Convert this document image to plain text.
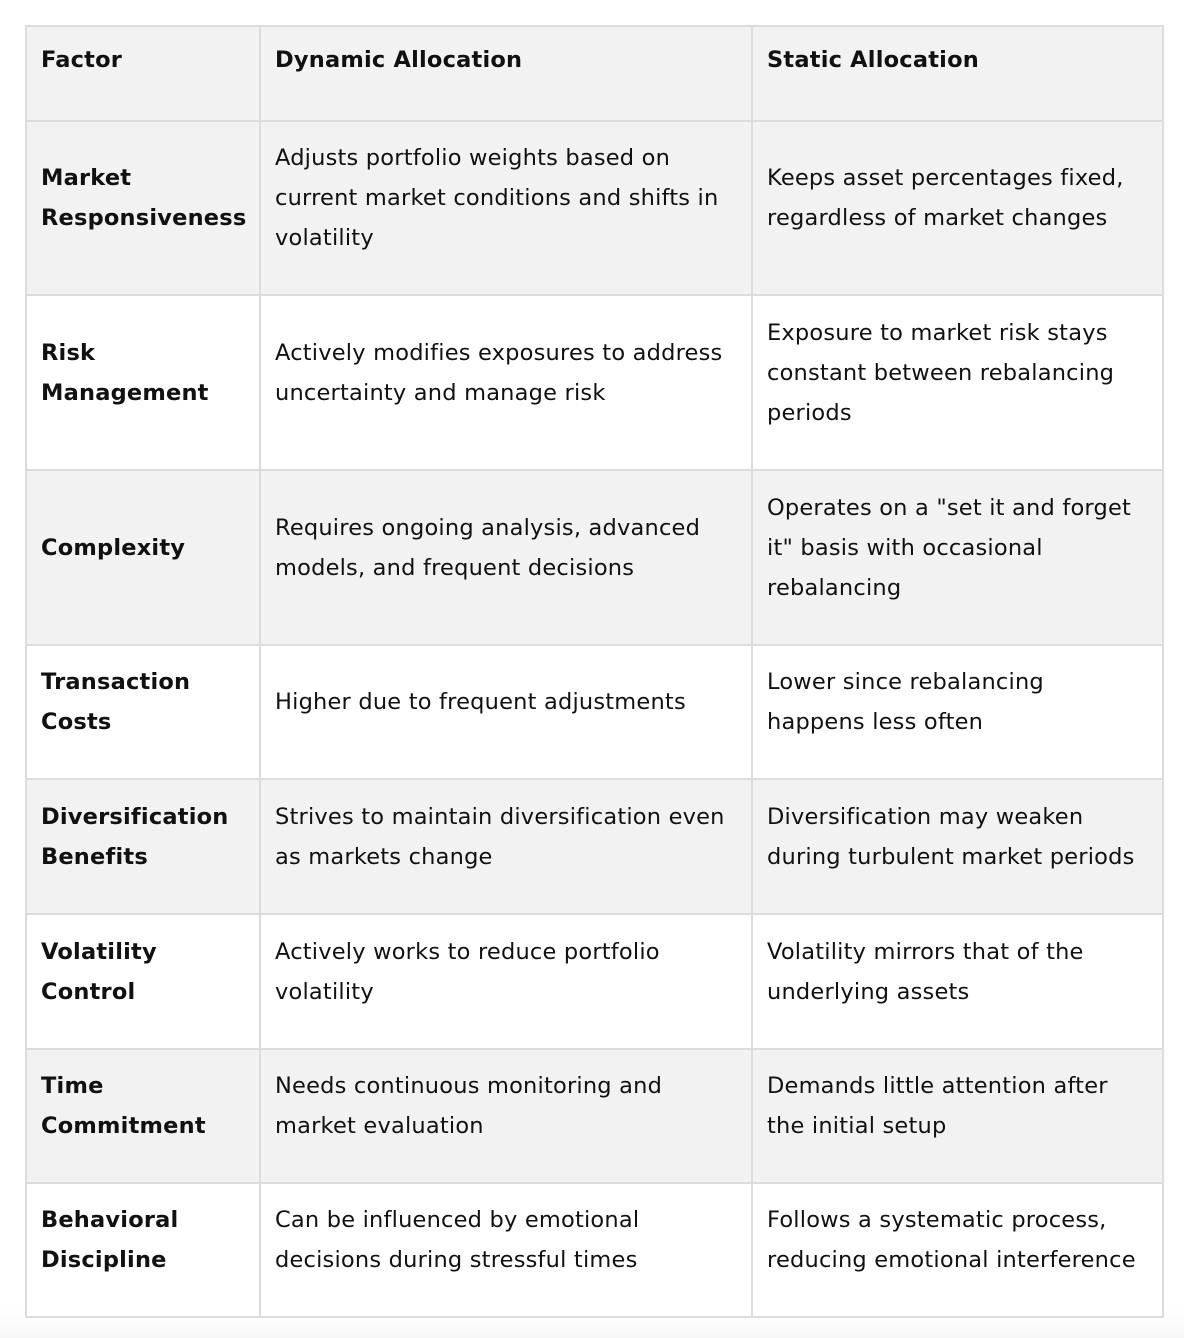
Factor	Dynamic Allocation	Static Allocation

Market Responsiveness	Adjusts portfolio weights based on current market conditions and shifts in volatility	Keeps asset percentages fixed, regardless of market changes

Risk Management	Actively modifies exposures to address uncertainty and manage risk	Exposure to market risk stays constant between rebalancing periods

Complexity	Requires ongoing analysis, advanced models, and frequent decisions	Operates on a "set it and forget it" basis with occasional rebalancing

Transaction Costs	Higher due to frequent adjustments	Lower since rebalancing happens less often

Diversification Benefits	Strives to maintain diversification even as markets change	Diversification may weaken during turbulent market periods

Volatility Control	Actively works to reduce portfolio volatility	Volatility mirrors that of the underlying assets

Time Commitment	Needs continuous monitoring and market evaluation	Demands little attention after the initial setup

Behavioral Discipline	Can be influenced by emotional decisions during stressful times	Follows a systematic process, reducing emotional interference
